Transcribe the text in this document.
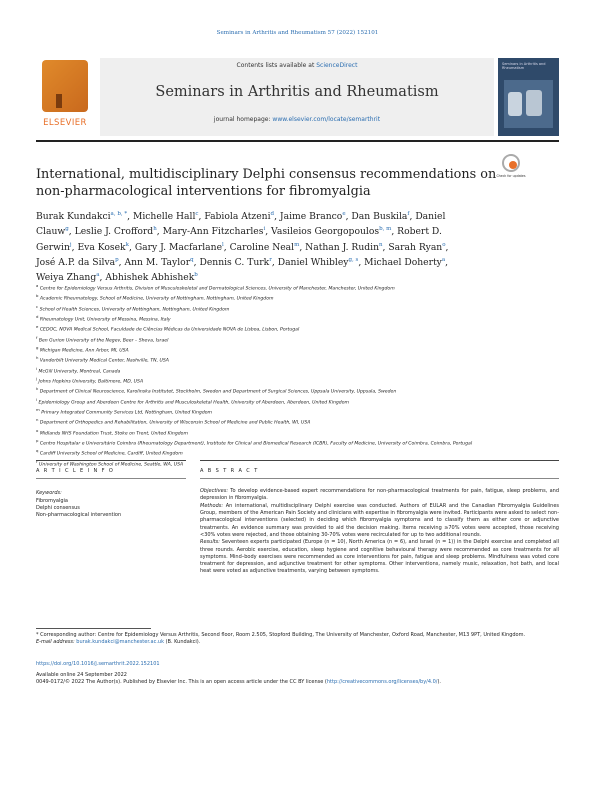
Seminars in Arthritis and Rheumatism 57 (2022) 152101
ELSEVIER
Contents lists available at ScienceDirect
Seminars in Arthritis and Rheumatism
journal homepage: www.elsevier.com/locate/semarthrit
Seminars in Arthritis and Rheumatism
International, multidisciplinary Delphi consensus recommendations on non-pharmacological interventions for fibromyalgia
Check for updates
Burak Kundakci$^{a, b, *}$, Michelle Hall$^c$, Fabiola Atzeni$^d$, Jaime Branco$^e$, Dan Buskila$^f$, Daniel Clauw$^g$, Leslie J. Crofford$^h$, Mary-Ann Fitzcharles$^i$, Vasileios Georgopoulos$^{b, m}$, Robert D. Gerwin$^j$, Eva Kosek$^k$, Gary J. Macfarlane$^l$, Caroline Neal$^m$, Nathan J. Rudin$^n$, Sarah Ryan$^o$, José A.P. da Silva$^p$, Ann M. Taylor$^q$, Dennis C. Turk$^r$, Daniel Whibley$^{g, s}$, Michael Doherty$^a$, Weiya Zhang$^a$, Abhishek Abhishek$^b$
$^a$ Centre for Epidemiology Versus Arthritis, Division of Musculoskeletal and Dermatological Sciences, University of Manchester, Manchester, United Kingdom
$^b$ Academic Rheumatology, School of Medicine, University of Nottingham, Nottingham, United Kingdom
$^c$ School of Health Sciences, University of Nottingham, Nottingham, United Kingdom
$^d$ Rheumatology Unit, University of Messina, Messina, Italy
$^e$ CEDOC, NOVA Medical School, Faculdade de Ciências Médicas da Universidade NOVA de Lisboa, Lisbon, Portugal
$^f$ Ben Gurion University of the Negev, Beer – Sheva, Israel
$^g$ Michigan Medicine, Ann Arbor, MI, USA
$^h$ Vanderbilt University Medical Center, Nashville, TN, USA
$^i$ McGill University, Montreal, Canada
$^j$ Johns Hopkins University, Baltimore, MD, USA
$^k$ Department of Clinical Neuroscience, Karolinska Institutet, Stockholm, Sweden and Department of Surgical Sciences, Uppsala University, Uppsala, Sweden
$^l$ Epidemiology Group and Aberdeen Centre for Arthritis and Musculoskeletal Health, University of Aberdeen, Aberdeen, United Kingdom
$^m$ Primary Integrated Community Services Ltd, Nottingham, United Kingdom
$^n$ Department of Orthopedics and Rehabilitation, University of Wisconsin School of Medicine and Public Health, WI, USA
$^o$ Midlands NHS Foundation Trust, Stoke on Trent, United Kingdom
$^p$ Centro Hospitalar e Universitário Coimbra (Rheumatology Department), Institute for Clinical and Biomedical Research (ICBR), Faculty of Medicine, University of Coimbra, Coimbra, Portugal
$^q$ Cardiff University School of Medicine, Cardiff, United Kingdom
$^r$ University of Washington School of Medicine, Seattle, WA, USA
A R T I C L E I N F O	A B S T R A C T
Keywords:
Fibromyalgia
Delphi consensus
Non-pharmacological intervention

Objectives: To develop evidence-based expert recommendations for non-pharmacological treatments for pain, fatigue, sleep problems, and depression in fibromyalgia.

Methods: An international, multidisciplinary Delphi exercise was conducted. Authors of EULAR and the Canadian Fibromyalgia Guidelines Group, members of the American Pain Society and clinicians with expertise in fibromyalgia were invited. Participants were asked to select non-pharmacological interventions (selected) in deciding which fibromyalgia symptoms and to classify them as either core or adjunctive treatments. An evidence summary was provided to aid the decision making. Items receiving ≥70% votes were accepted, those receiving <30% votes were rejected, and those obtaining 30-70% votes were recirculated for up to two additional rounds.

Results: Seventeen experts participated (Europe (n = 10), North America (n = 6), and Israel (n = 1)) in the Delphi exercise and completed all three rounds. Aerobic exercise, education, sleep hygiene and cognitive behavioural therapy were recommended as core treatments for all symptoms. Mind–body exercises were recommended as core interventions for pain, fatigue and sleep problems. Mindfulness was voted core treatment for depression, and adjunctive treatment for other symptoms. Other interventions, namely music, relaxation, hot bath, and local heat were voted as adjunctive treatments, varying between symptoms.

* Corresponding author: Centre for Epidemiology Versus Arthritis, Second floor, Room 2.505, Stopford Building, The University of Manchester, Oxford Road, Manchester, M13 9PT, United Kingdom.
E-mail address: burak.kundakci@manchester.ac.uk (B. Kundakci).
https://doi.org/10.1016/j.semarthrit.2022.152101
Available online 24 September 2022
0049-0172/© 2022 The Author(s). Published by Elsevier Inc. This is an open access article under the CC BY license (http://creativecommons.org/licenses/by/4.0/).
